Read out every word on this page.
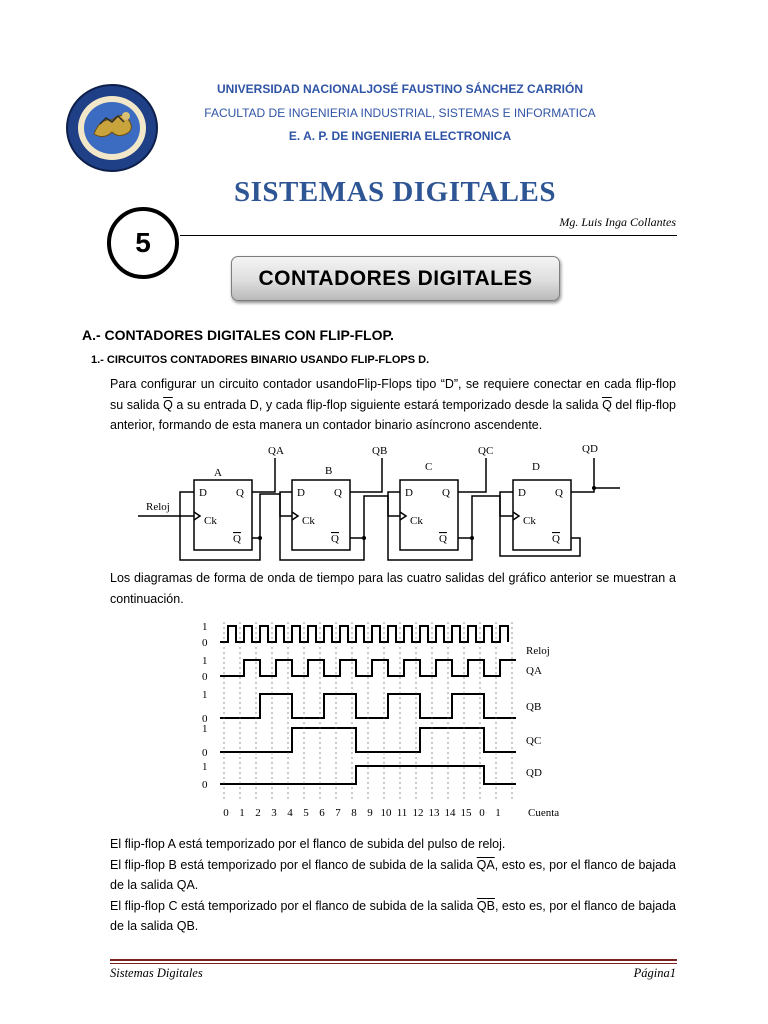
UNIVERSIDAD NACIONALJOSÉ FAUSTINO SÁNCHEZ CARRIÓN
FACULTAD DE INGENIERIA INDUSTRIAL, SISTEMAS E INFORMATICA
E. A. P. DE INGENIERIA ELECTRONICA
SISTEMAS DIGITALES
Mg. Luis Inga Collantes
5
CONTADORES DIGITALES
A.- CONTADORES DIGITALES CON FLIP-FLOP.
1.- CIRCUITOS CONTADORES BINARIO USANDO FLIP-FLOPS D.

Para configurar un circuito contador usandoFlip-Flops tipo “D”, se requiere conectar en cada flip-flop su salida $\overline{Q}$ a su entrada D, y cada flip-flop siguiente estará temporizado desde la salida $\overline{Q}$ del flip-flop anterior, formando de esta manera un contador binario asíncrono ascendente.

Reloj
A	B	C	D
QA	QB	QC	QD
D	Q
Ck
Q
D	Q
Ck
Q
D	Q
Ck
Q
D	Q
Ck
Q
Los diagramas de forma de onda de tiempo para las cuatro salidas del gráfico anterior se muestran a continuación.
1
0
1
0
1
0
1
0
1
0
Reloj
QA
QB
QC
QD
0 1 2 3 4 5 6 7 8 9 10 11 12 13 14 15 0 1 Cuenta

El flip-flop A está temporizado por el flanco de subida del pulso de reloj.

El flip-flop B está temporizado por el flanco de subida de la salida $\overline{QA}$, esto es, por el flanco de bajada de la salida QA.

El flip-flop C está temporizado por el flanco de subida de la salida $\overline{QB}$, esto es, por el flanco de bajada de la salida QB.

Sistemas Digitales	Página1
